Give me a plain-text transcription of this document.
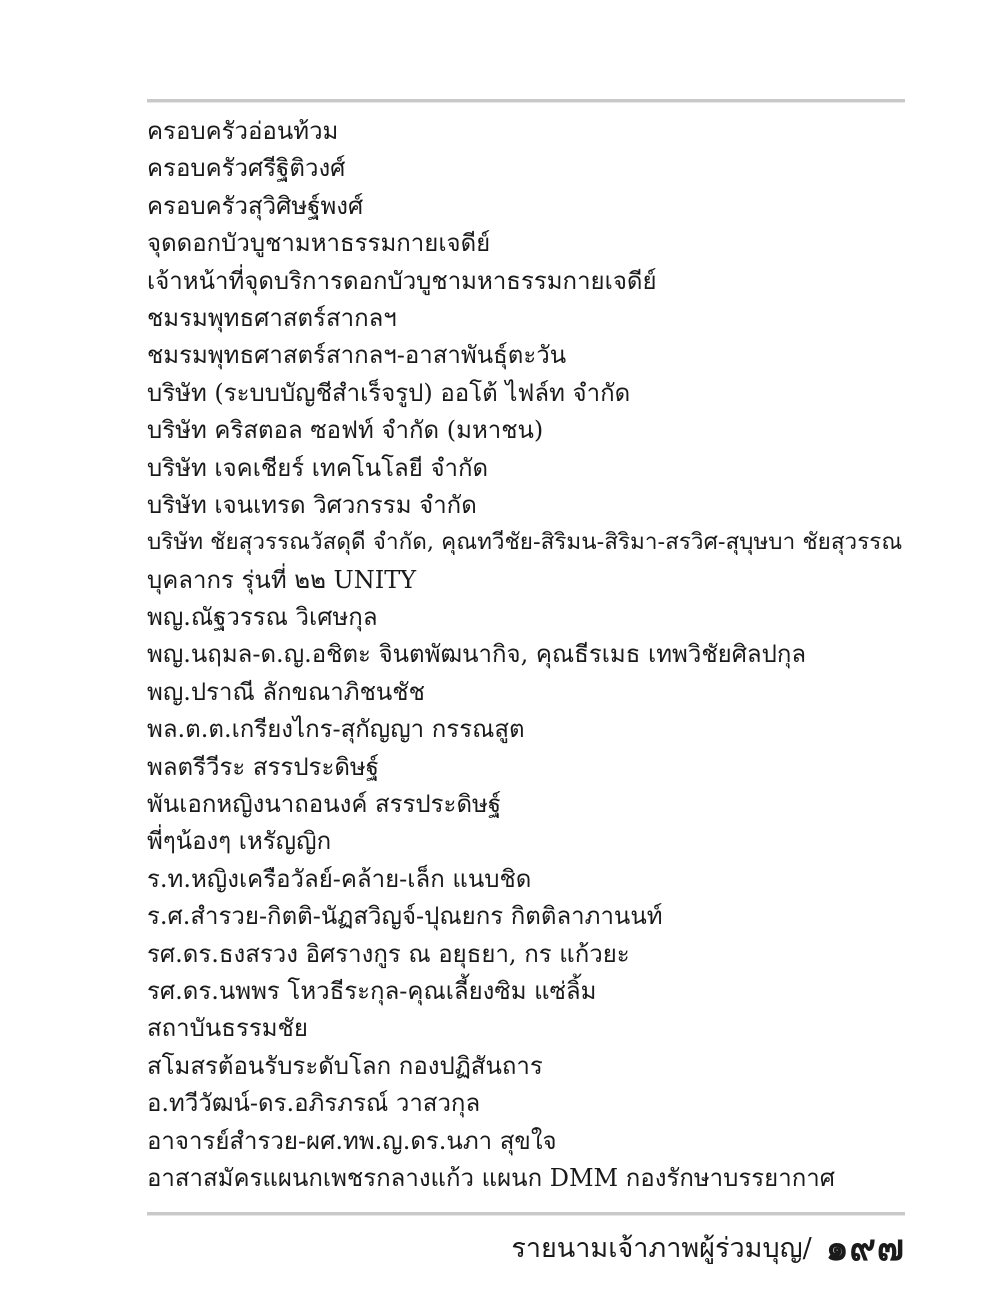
ครอบครัวอ่อนท้วม
ครอบครัวศรีฐิติวงศ์
ครอบครัวสุวิศิษฐ์พงศ์
จุดดอกบัวบูชามหาธรรมกายเจดีย์
เจ้าหน้าที่จุดบริการดอกบัวบูชามหาธรรมกายเจดีย์
ชมรมพุทธศาสตร์สากลฯ
ชมรมพุทธศาสตร์สากลฯ-อาสาพันธุ์ตะวัน
บริษัท (ระบบบัญชีสำเร็จรูป) ออโต้ ไฟล์ท จำกัด
บริษัท คริสตอล ซอฟท์ จำกัด (มหาชน)
บริษัท เจคเชียร์ เทคโนโลยี จำกัด
บริษัท เจนเทรด วิศวกรรม จำกัด
บริษัท ชัยสุวรรณวัสดุดี จำกัด, คุณทวีชัย-สิริมน-สิริมา-สรวิศ-สุบุษบา ชัยสุวรรณ
บุคลากร รุ่นที่ ๒๒ UNITY
พญ.ณัฐวรรณ วิเศษกุล
พญ.นฤมล-ด.ญ.อชิตะ จินตพัฒนากิจ, คุณธีรเมธ เทพวิชัยศิลปกุล
พญ.ปราณี ลักขณาภิชนชัช
พล.ต.ต.เกรียงไกร-สุกัญญา กรรณสูต
พลตรีวีระ สรรประดิษฐ์
พันเอกหญิงนาถอนงค์ สรรประดิษฐ์
พี่ๆน้องๆ เหรัญญิก
ร.ท.หญิงเครือวัลย์-คล้าย-เล็ก แนบชิด
ร.ศ.สำรวย-กิตติ-นัฏสวิญจ์-ปุณยกร กิตติลาภานนท์
รศ.ดร.ธงสรวง อิศรางกูร ณ อยุธยา, กร แก้วยะ
รศ.ดร.นพพร โหวธีระกุล-คุณเลี้ยงซิม แซ่ลิ้ม
สถาบันธรรมชัย
สโมสรต้อนรับระดับโลก กองปฏิสันถาร
อ.ทวีวัฒน์-ดร.อภิรภรณ์ วาสวกุล
อาจารย์สำรวย-ผศ.ทพ.ญ.ดร.นภา สุขใจ
อาสาสมัครแผนกเพชรกลางแก้ว แผนก DMM กองรักษาบรรยากาศ
รายนามเจ้าภาพผู้ร่วมบุญ/ ๑๙๗
